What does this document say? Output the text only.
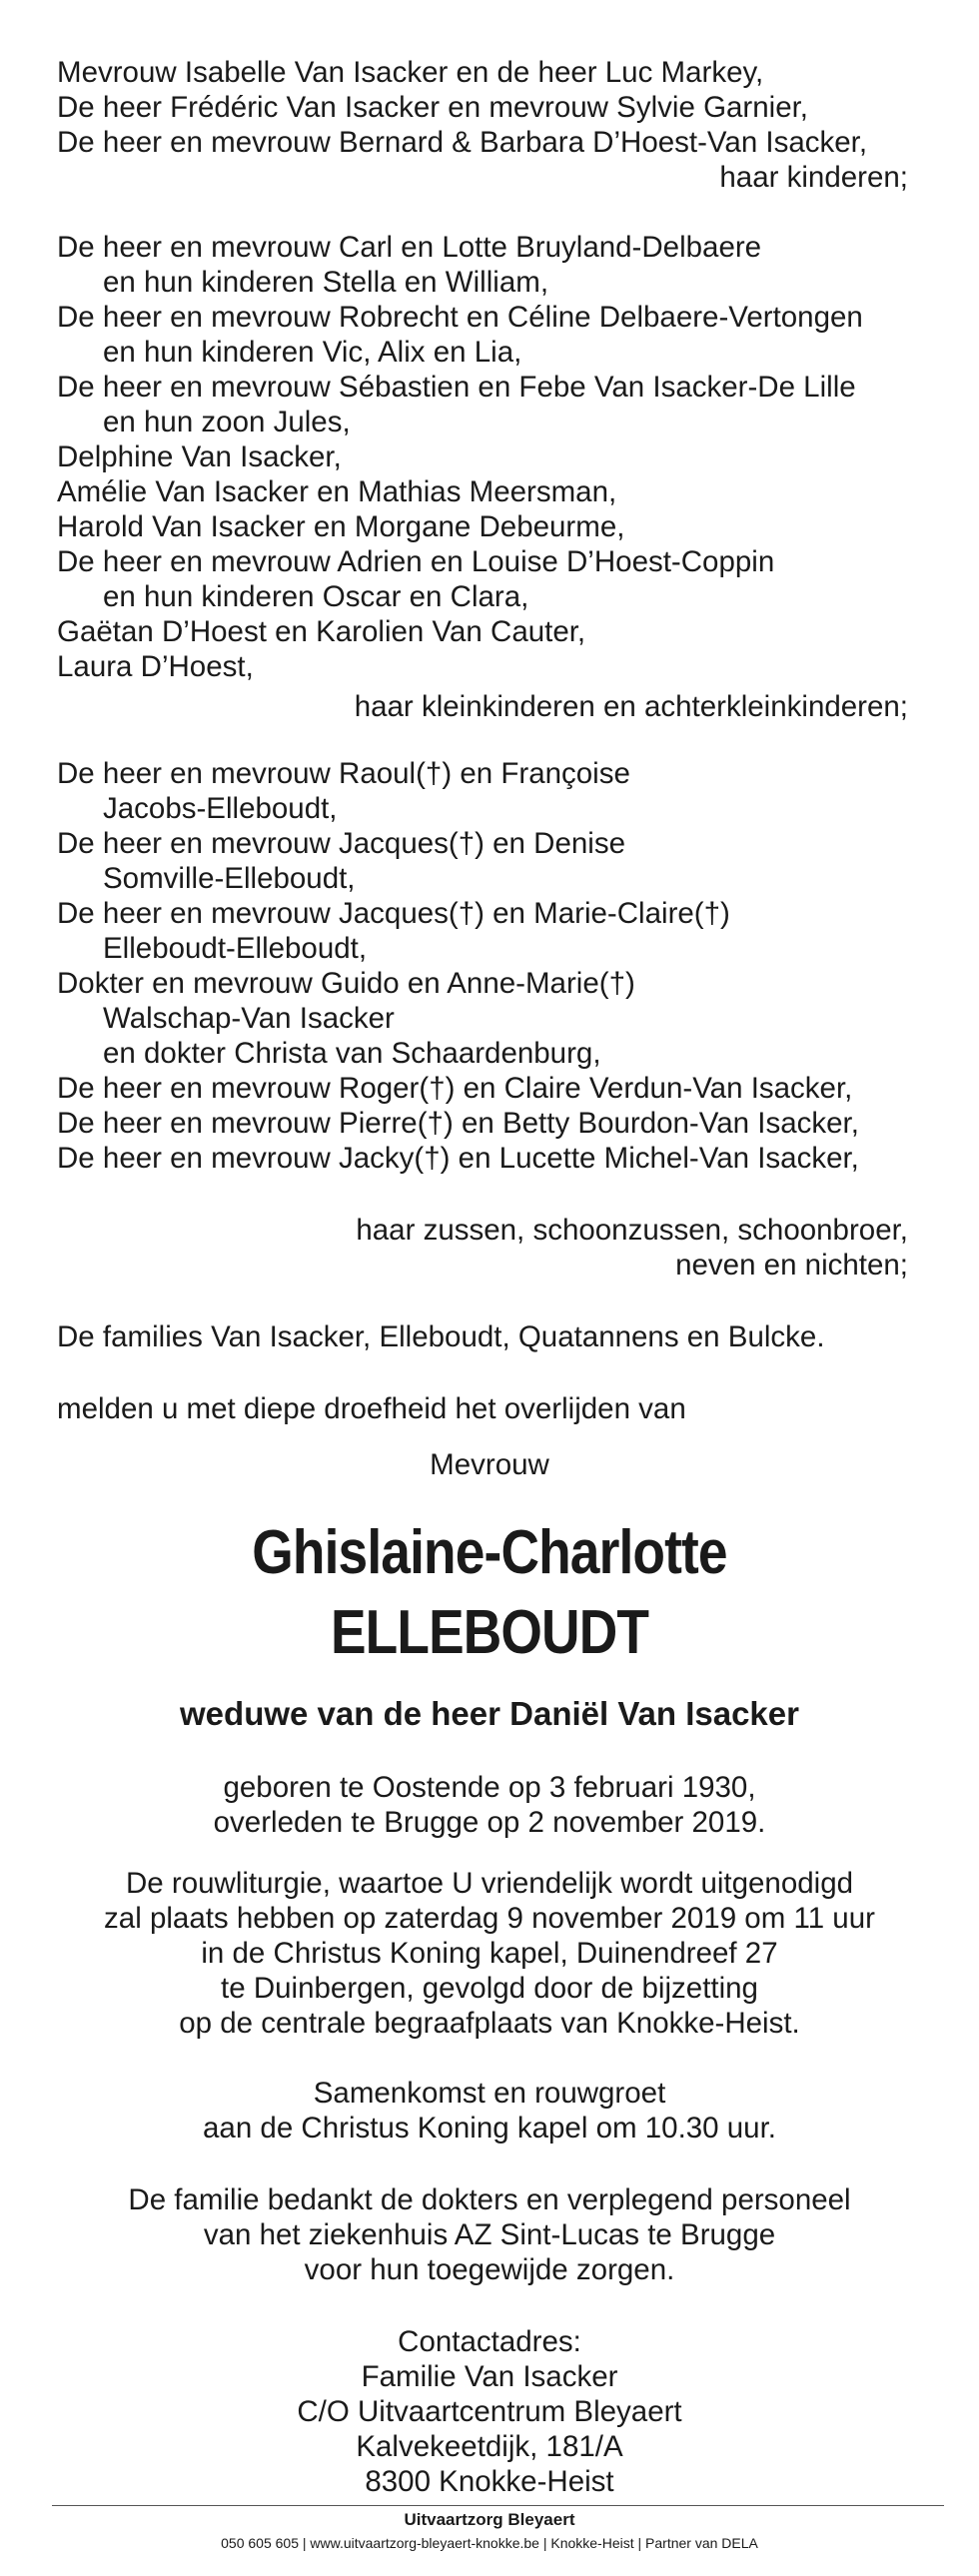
Mevrouw Isabelle Van Isacker en de heer Luc Markey,
De heer Frédéric Van Isacker en mevrouw Sylvie Garnier,
De heer en mevrouw Bernard & Barbara D’Hoest-Van Isacker,
haar kinderen;
De heer en mevrouw Carl en Lotte Bruyland-Delbaere
en hun kinderen Stella en William,
De heer en mevrouw Robrecht en Céline Delbaere-Vertongen
en hun kinderen Vic, Alix en Lia,
De heer en mevrouw Sébastien en Febe Van Isacker-De Lille
en hun zoon Jules,
Delphine Van Isacker,
Amélie Van Isacker en Mathias Meersman,
Harold Van Isacker en Morgane Debeurme,
De heer en mevrouw Adrien en Louise D’Hoest-Coppin
en hun kinderen Oscar en Clara,
Gaëtan D’Hoest en Karolien Van Cauter,
Laura D’Hoest,
haar kleinkinderen en achterkleinkinderen;
De heer en mevrouw Raoul(†) en Françoise
Jacobs-Elleboudt,
De heer en mevrouw Jacques(†) en Denise
Somville-Elleboudt,
De heer en mevrouw Jacques(†) en Marie-Claire(†)
Elleboudt-Elleboudt,
Dokter en mevrouw Guido en Anne-Marie(†)
Walschap-Van Isacker
en dokter Christa van Schaardenburg,
De heer en mevrouw Roger(†) en Claire Verdun-Van Isacker,
De heer en mevrouw Pierre(†) en Betty Bourdon-Van Isacker,
De heer en mevrouw Jacky(†) en Lucette Michel-Van Isacker,
haar zussen, schoonzussen, schoonbroer,
neven en nichten;
De families Van Isacker, Elleboudt, Quatannens en Bulcke.
melden u met diepe droefheid het overlijden van
Mevrouw
Ghislaine-Charlotte
ELLEBOUDT
weduwe van de heer Daniël Van Isacker
geboren te Oostende op 3 februari 1930,
overleden te Brugge op 2 november 2019.
De rouwliturgie, waartoe U vriendelijk wordt uitgenodigd
zal plaats hebben op zaterdag 9 november 2019 om 11 uur
in de Christus Koning kapel, Duinendreef 27
te Duinbergen, gevolgd door de bijzetting
op de centrale begraafplaats van Knokke-Heist.
Samenkomst en rouwgroet
aan de Christus Koning kapel om 10.30 uur.
De familie bedankt de dokters en verplegend personeel
van het ziekenhuis AZ Sint-Lucas te Brugge
voor hun toegewijde zorgen.
Contactadres:
Familie Van Isacker
C/O Uitvaartcentrum Bleyaert
Kalvekeetdijk, 181/A
8300 Knokke-Heist
Uitvaartzorg Bleyaert
050 605 605 | www.uitvaartzorg-bleyaert-knokke.be | Knokke-Heist | Partner van DELA
